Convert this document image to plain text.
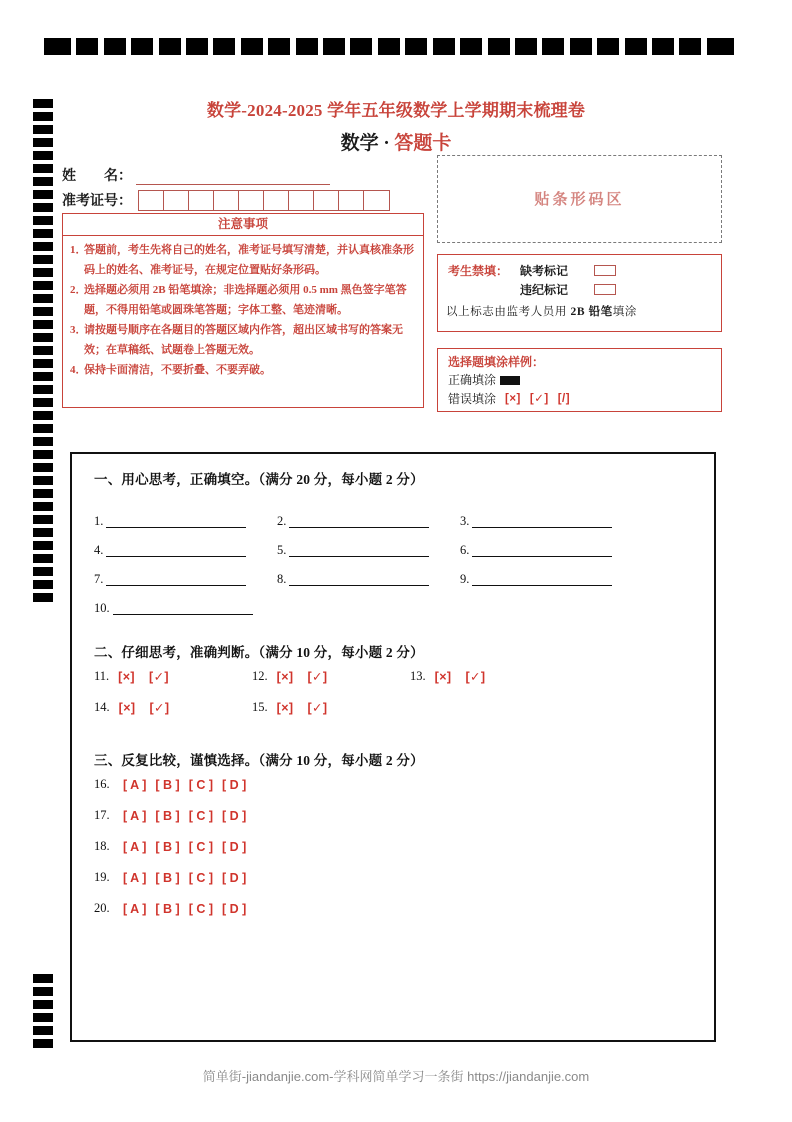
数学-2024-2025 学年五年级数学上学期期末梳理卷
数学 · 答题卡
姓　　名：
准考证号：	贴条形码区
注意事项
1．
答题前，考生先将自己的姓名，准考证号填写清楚，并认真核准条形码上的姓名、准考证号，在规定位置贴好条形码。
2．
选择题必须用 2B 铅笔填涂；非选择题必须用 0.5 mm 黑色签字笔答题，不得用铅笔或圆珠笔答题；字体工整、笔迹清晰。
3．
请按题号顺序在各题目的答题区域内作答，超出区域书写的答案无效；在草稿纸、试题卷上答题无效。
4．
保持卡面清洁，不要折叠、不要弄破。
考生禁填： 缺考标记
违纪标记
以上标志由监考人员用 2B 铅笔填涂
选择题填涂样例：
正确填涂
错误填涂 [×] [✓] [/]
一、用心思考，正确填空。（满分 20 分，每小题 2 分）
1.	2.	3.
4.	5.	6.
7.	8.	9.
10.
二、仔细思考，准确判断。（满分 10 分，每小题 2 分）
11. [×] [✓]	12. [×] [✓]	13. [×] [✓]
14. [×] [✓]	15. [×] [✓]
三、反复比较，谨慎选择。（满分 10 分，每小题 2 分）
16.	[ A ] [ B ] [ C ] [ D ]
17.	[ A ] [ B ] [ C ] [ D ]
18.	[ A ] [ B ] [ C ] [ D ]
19.	[ A ] [ B ] [ C ] [ D ]
20.	[ A ] [ B ] [ C ] [ D ]
简单街-jiandanjie.com-学科网简单学习一条街 https://jiandanjie.com
